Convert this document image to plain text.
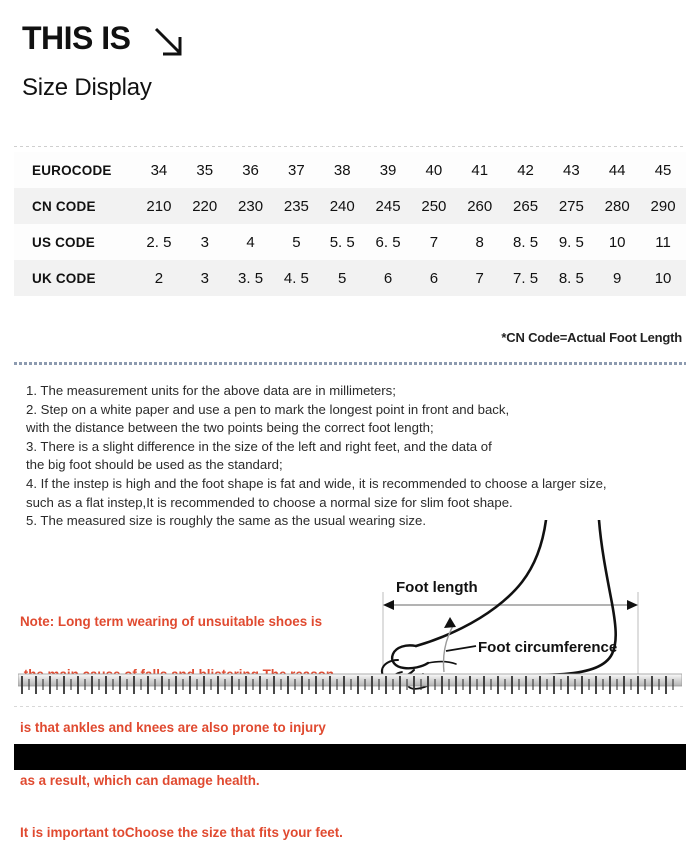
THIS IS
Size Display
EUROCODE	34	35	36	37	38	39	40	41	42	43	44	45
CN CODE	210	220	230	235	240	245	250	260	265	275	280	290
US CODE	2. 5	3	4	5	5. 5	6. 5	7	8	8. 5	9. 5	10	11
UK CODE	2	3	3. 5	4. 5	5	6	6	7	7. 5	8. 5	9	10
*CN Code=Actual Foot Length

1. The measurement units for the above data are in millimeters;

2. Step on a white paper and use a pen to mark the longest point in front and back,

with the distance between the two points being the correct foot length;

3. There is a slight difference in the size of the left and right feet, and the data of

the big foot should be used as the standard;

4. If the instep is high and the foot shape is fat and wide, it is recommended to choose a larger size,

such as a flat instep,It is recommended to choose a normal size for slim foot shape.

5. The measured size is roughly the same as the usual wearing size.

Note: Long term wearing of unsuitable shoes is

is that ankles and knees are also prone to injury

as a result, which can damage health.

It is important toChoose the size that fits your feet.

Foot length
Foot circumference
